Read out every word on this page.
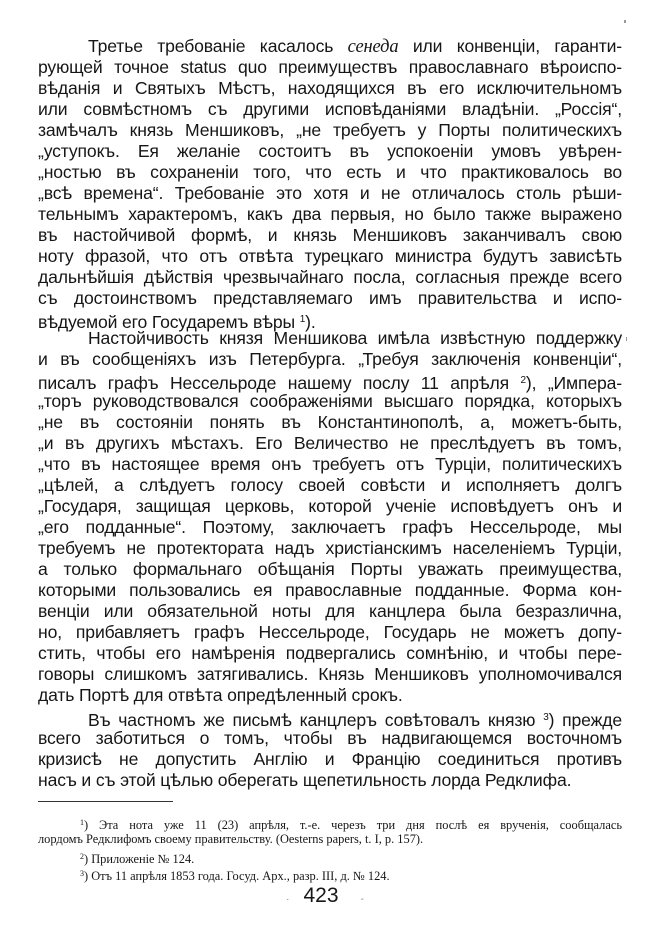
Третье требованіе касалось сенеда или конвенціи, гаранти-
рующей точное status quo преимуществъ православнаго вѣроиспо-
вѣданія и Святыхъ Мѣстъ, находящихся въ его исключительномъ
или совмѣстномъ съ другими исповѣданіями владѣніи. „Россія“,
замѣчалъ князь Меншиковъ, „не требуетъ у Порты политическихъ
„уступокъ. Ея желаніе состоитъ въ успокоеніи умовъ увѣрен-
„ностью въ сохраненіи того, что есть и что практиковалось во
„всѣ времена“. Требованіе это хотя и не отличалось столь рѣши-
тельнымъ характеромъ, какъ два первыя, но было также выражено
въ настойчивой формѣ, и князь Меншиковъ заканчивалъ свою
ноту фразой, что отъ отвѣта турецкаго министра будутъ зависѣть
дальнѣйшія дѣйствія чрезвычайнаго посла, согласныя прежде всего
съ достоинствомъ представляемаго имъ правительства и испо-
вѣдуемой его Государемъ вѣры $^1$).
Настойчивость князя Меншикова имѣла извѣстную поддержку
и въ сообщеніяхъ изъ Петербурга. „Требуя заключенія конвенціи“,
писалъ графъ Нессельроде нашему послу 11 апрѣля $^2$), „Импера-
„торъ руководствовался соображеніями высшаго порядка, которыхъ
„не въ состояніи понять въ Константинополѣ, а, можетъ-быть,
„и въ другихъ мѣстахъ. Его Величество не преслѣдуетъ въ томъ,
„что въ настоящее время онъ требуетъ отъ Турціи, политическихъ
„цѣлей, а слѣдуетъ голосу своей совѣсти и исполняетъ долгъ
„Государя, защищая церковь, которой ученіе исповѣдуетъ онъ и
„его подданные“. Поэтому, заключаетъ графъ Нессельроде, мы
требуемъ не протектората надъ христіанскимъ населеніемъ Турціи,
а только формальнаго обѣщанія Порты уважать преимущества,
которыми пользовались ея православные подданные. Форма кон-
венціи или обязательной ноты для канцлера была безразлична,
но, прибавляетъ графъ Нессельроде, Государь не можетъ допу-
стить, чтобы его намѣренія подвергались сомнѣнію, и чтобы пере-
говоры слишкомъ затягивались. Князь Меншиковъ уполномочивался
дать Портѣ для отвѣта опредѣленный срокъ.
Въ частномъ же письмѣ канцлеръ совѣтовалъ князю $^3$) прежде
всего заботиться о томъ, чтобы въ надвигающемся восточномъ
кризисѣ не допустить Англію и Францію соединиться противъ
насъ и съ этой цѣлью оберегать щепетильность лорда Редклифа.
$^1$) Эта нота уже 11 (23) апрѣля, т.-е. черезъ три дня послѣ ея врученія, сообщалась
лордомъ Редклифомъ своему правительству. (Oesterns papers, t. I, p. 157).
$^2$) Приложеніе № 124.
$^3$) Отъ 11 апрѣля 1853 года. Госуд. Арх., разр. III, д. № 124.
· 423 -
